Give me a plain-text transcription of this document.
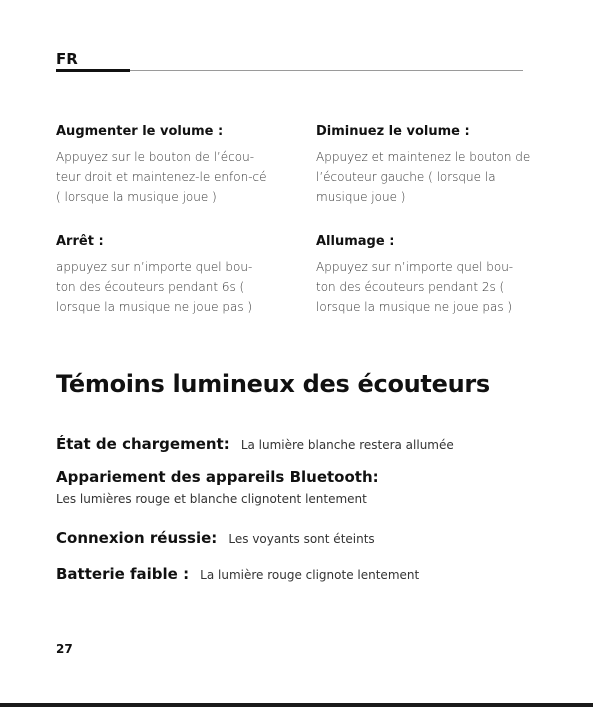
FR
Augmenter le volume :

Appuyez sur le bouton de l’écou-teur droit et maintenez-le enfon-cé ( lorsque la musique joue )

Diminuez le volume :

Appuyez et maintenez le bouton de l’écouteur gauche ( lorsque la musique joue )

Arrêt :

appuyez sur n’importe quel bou-ton des écouteurs pendant 6s ( lorsque la musique ne joue pas )

Allumage :

Appuyez sur n’importe quel bou-ton des écouteurs pendant 2s ( lorsque la musique ne joue pas )

Témoins lumineux des écouteurs
État de chargement: La lumière blanche restera allumée
Appariement des appareils Bluetooth:
Les lumières rouge et blanche clignotent lentement
Connexion réussie: Les voyants sont éteints
Batterie faible : La lumière rouge clignote lentement
27
